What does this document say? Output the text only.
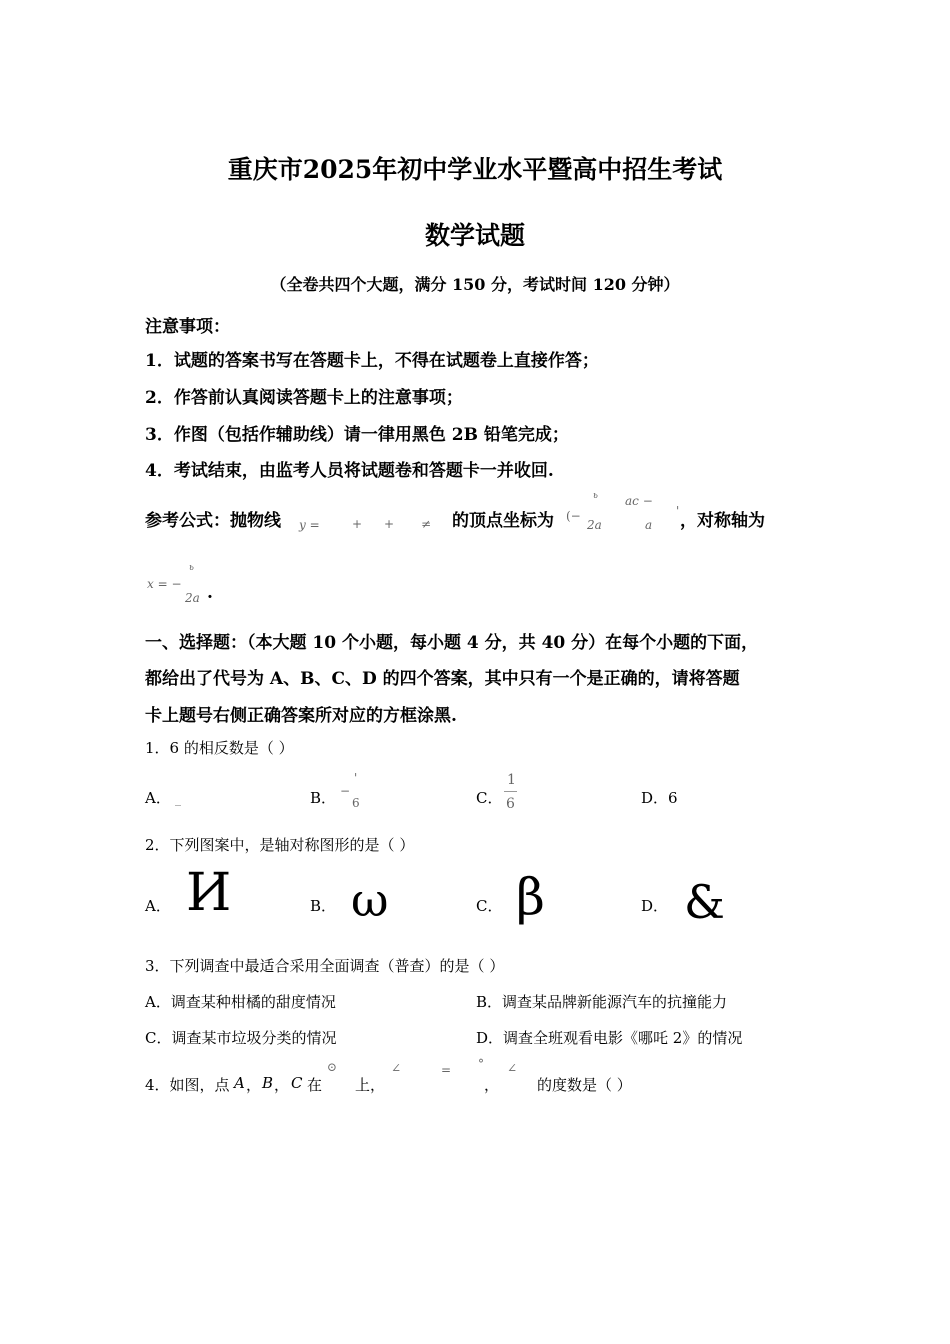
重庆市2025年初中学业水平暨高中招生考试
数学试题
（全卷共四个大题，满分 150 分，考试时间 120 分钟）
注意事项：
1．试题的答案书写在答题卡上，不得在试题卷上直接作答；
2．作答前认真阅读答题卡上的注意事项；
3．作图（包括作辅助线）请一律用黑色 2B 铅笔完成；
4．考试结束，由监考人员将试题卷和答题卡一并收回.
参考公式：抛物线 y =	+ + ≠ 的顶点坐标为 (−
ь
2a
ac −
a
' ，对称轴为
x = −
ь
2a .
一、选择题：（本大题 10 个小题，每小题 4 分，共 40 分）在每个小题的下面，
都给出了代号为 A、B、C、D 的四个答案，其中只有一个是正确的，请将答题
卡上题号右侧正确答案所对应的方框涂黑.
1．6 的相反数是（ ）
A． _	B． −
'
6	C．
1
6	D．6
2．下列图案中，是轴对称图形的是（ ）
A． И	B． ω	C． β	D． &
3．下列调查中最适合采用全面调查（普查）的是（ ）
A．调查某种柑橘的甜度情况	B．调查某品牌新能源汽车的抗撞能力
C．调查某市垃圾分类的情况	D．调查全班观看电影《哪吒 2》的情况
4．如图，点 A ， B ， C 在
⊙
上，
∠	= °
，
∠
的度数是（ ）
